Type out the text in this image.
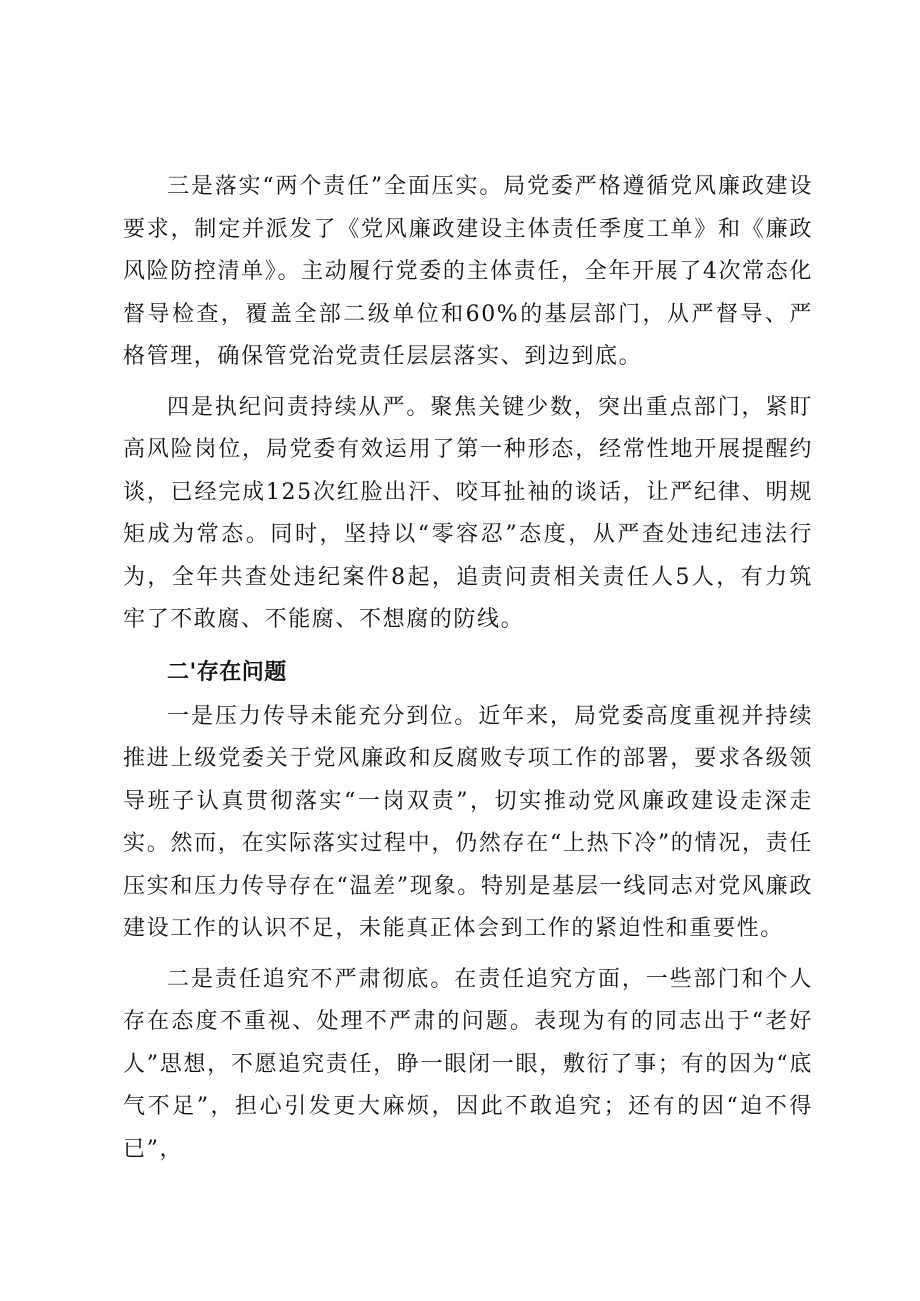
三是落实“两个责任”全面压实。局党委严格遵循党风廉政建设要求，制定并派发了《党风廉政建设主体责任季度工单》和《廉政风险防控清单》。主动履行党委的主体责任，全年开展了4次常态化督导检查，覆盖全部二级单位和60%的基层部门，从严督导、严格管理，确保管党治党责任层层落实、到边到底。

四是执纪问责持续从严。聚焦关键少数，突出重点部门，紧盯高风险岗位，局党委有效运用了第一种形态，经常性地开展提醒约谈，已经完成125次红脸出汗、咬耳扯袖的谈话，让严纪律、明规矩成为常态。同时，坚持以“零容忍”态度，从严查处违纪违法行为，全年共查处违纪案件8起，追责问责相关责任人5人，有力筑牢了不敢腐、不能腐、不想腐的防线。

二'存在问题

一是压力传导未能充分到位。近年来，局党委高度重视并持续推进上级党委关于党风廉政和反腐败专项工作的部署，要求各级领导班子认真贯彻落实“一岗双责”，切实推动党风廉政建设走深走实。然而，在实际落实过程中，仍然存在“上热下冷”的情况，责任压实和压力传导存在“温差”现象。特别是基层一线同志对党风廉政建设工作的认识不足，未能真正体会到工作的紧迫性和重要性。

二是责任追究不严肃彻底。在责任追究方面，一些部门和个人存在态度不重视、处理不严肃的问题。表现为有的同志出于“老好人”思想，不愿追究责任，睁一眼闭一眼，敷衍了事；有的因为“底气不足”，担心引发更大麻烦，因此不敢追究；还有的因“迫不得已”，
